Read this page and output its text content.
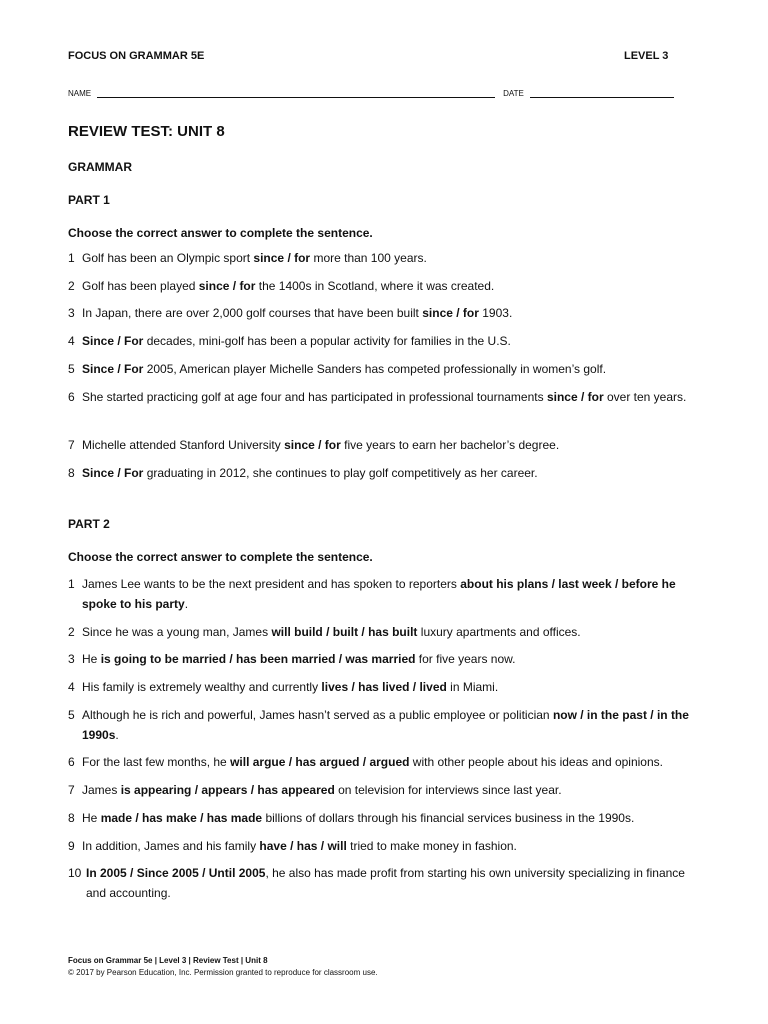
FOCUS ON GRAMMAR 5E	LEVEL 3
NAME	DATE
REVIEW TEST: UNIT 8
GRAMMAR
PART 1
Choose the correct answer to complete the sentence.
1 Golf has been an Olympic sport since / for more than 100 years.
2 Golf has been played since / for the 1400s in Scotland, where it was created.
3 In Japan, there are over 2,000 golf courses that have been built since / for 1903.
4 Since / For decades, mini-golf has been a popular activity for families in the U.S.
5 Since / For 2005, American player Michelle Sanders has competed professionally in women’s golf.
6 She started practicing golf at age four and has participated in professional tournaments since / for over ten years.
7 Michelle attended Stanford University since / for five years to earn her bachelor’s degree.
8 Since / For graduating in 2012, she continues to play golf competitively as her career.
PART 2
Choose the correct answer to complete the sentence.
1 James Lee wants to be the next president and has spoken to reporters about his plans / last week / before he spoke to his party.
2 Since he was a young man, James will build / built / has built luxury apartments and offices.
3 He is going to be married / has been married / was married for five years now.
4 His family is extremely wealthy and currently lives / has lived / lived in Miami.
5 Although he is rich and powerful, James hasn’t served as a public employee or politician now / in the past / in the 1990s.
6 For the last few months, he will argue / has argued / argued with other people about his ideas and opinions.
7 James is appearing / appears / has appeared on television for interviews since last year.
8 He made / has make / has made billions of dollars through his financial services business in the 1990s.
9 In addition, James and his family have / has / will tried to make money in fashion.
10 In 2005 / Since 2005 / Until 2005, he also has made profit from starting his own university specializing in finance and accounting.
Focus on Grammar 5e | Level 3 | Review Test | Unit 8
© 2017 by Pearson Education, Inc. Permission granted to reproduce for classroom use.
